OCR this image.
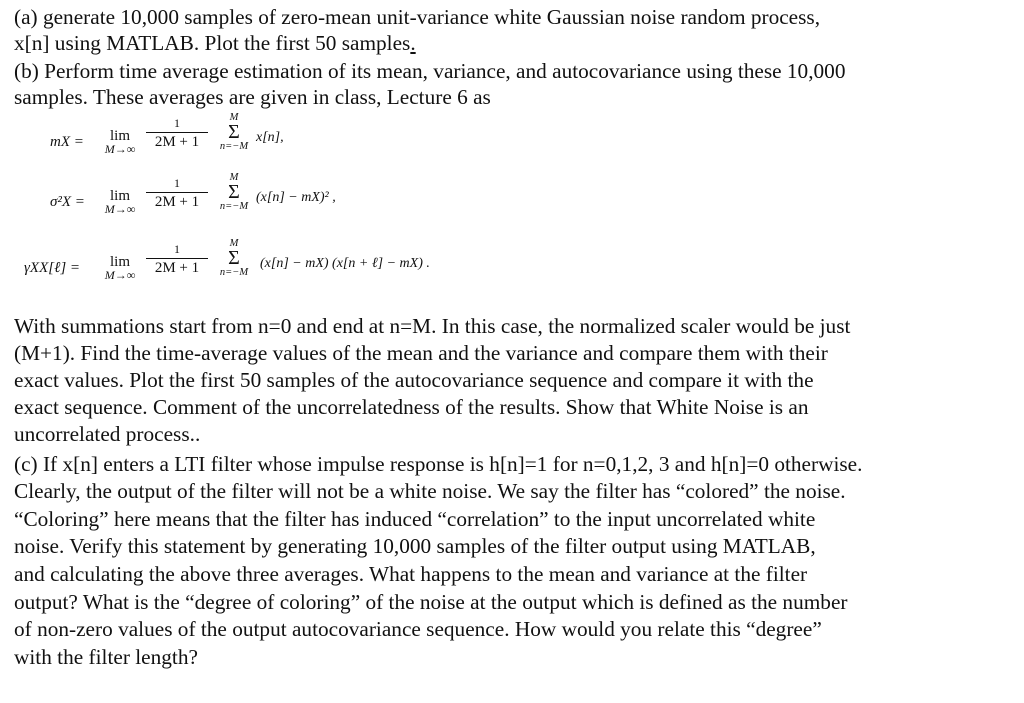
(a) generate 10,000 samples of zero-mean unit-variance white Gaussian noise random process,

x[n] using MATLAB. Plot the first 50 samples.

(b) Perform time average estimation of its mean, variance, and autocovariance using these 10,000

samples. These averages are given in class, Lecture 6 as

mX =	lim
M→∞
1
2M + 1
M
Σ
n=−M
x[n],
σ²X =	lim
M→∞
1
2M + 1
M
Σ
n=−M
(x[n] − mX)² ,
γXX[ℓ] =	lim
M→∞
1
2M + 1
M
Σ
n=−M
(x[n] − mX) (x[n + ℓ] − mX) .

With summations start from n=0 and end at n=M. In this case, the normalized scaler would be just

(M+1). Find the time-average values of the mean and the variance and compare them with their

exact values. Plot the first 50 samples of the autocovariance sequence and compare it with the

exact sequence. Comment of the uncorrelatedness of the results. Show that White Noise is an

uncorrelated process..

(c) If x[n] enters a LTI filter whose impulse response is h[n]=1 for n=0,1,2, 3 and h[n]=0 otherwise.

Clearly, the output of the filter will not be a white noise. We say the filter has “colored” the noise.

“Coloring” here means that the filter has induced “correlation” to the input uncorrelated white

noise. Verify this statement by generating 10,000 samples of the filter output using MATLAB,

and calculating the above three averages. What happens to the mean and variance at the filter

output? What is the “degree of coloring” of the noise at the output which is defined as the number

of non-zero values of the output autocovariance sequence. How would you relate this “degree”

with the filter length?
